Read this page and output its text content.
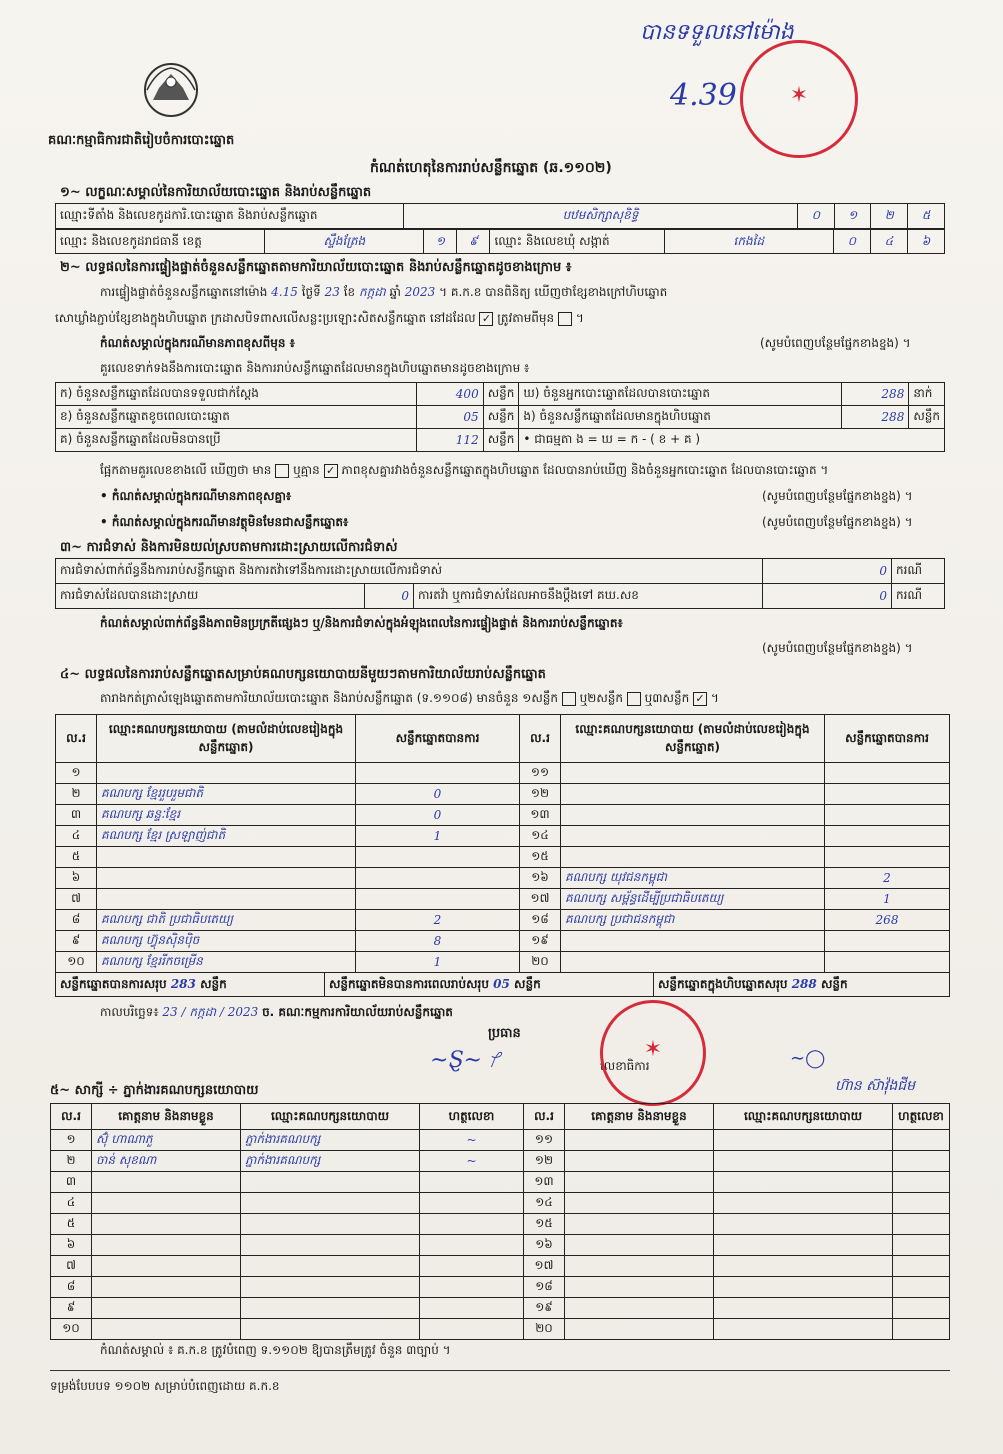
គណៈកម្មាធិការជាតិរៀបចំការបោះឆ្នោត
បានទទួលនៅម៉ោង
4.39	✶
កំណត់ហេតុនៃការរាប់សន្លឹកឆ្នោត (ឆ.១១០២)
១~ លក្ខណៈសម្គាល់នៃការិយាល័យបោះឆ្នោត និងរាប់សន្លឹកឆ្នោត
ឈ្មោះទីតាំង និងលេខកូដការិ.បោះឆ្នោត និងរាប់សន្លឹកឆ្នោត	បឋមសិក្សាសុខិទ្ធិ	០	១	២	៥
ឈ្មោះ និងលេខកូដរាជធានី ខេត្ត	ស្ទឹងត្រែង	១	៩	ឈ្មោះ និងលេខឃុំ សង្កាត់	កេងដៃ	០	៤	៦
២~ លទ្ធផលនៃការផ្ទៀងផ្ទាត់ចំនួនសន្លឹកឆ្នោតតាមការិយាល័យបោះឆ្នោត និងរាប់សន្លឹកឆ្នោតដូចខាងក្រោម ៖
ការផ្ទៀងផ្ទាត់ចំនួនសន្លឹកឆ្នោតនៅម៉ោង 4.15 ថ្ងៃទី 23 ខែ កក្កដា ឆ្នាំ 2023 ។ គ.ក.ខ បានពិនិត្យ ឃើញថាខ្សែខាងក្រៅហិបឆ្នោត
សោឃ្លាំងភ្ជាប់ខ្សែខាងក្នុងហិបឆ្នោត ក្រដាសបិទពាសលើសន្លះប្រឡោះសិតសន្លឹកឆ្នោត នៅដដែល ✓ ត្រូវតាមពីមុន  ។
កំណត់សម្គាល់ក្នុងករណីមានភាពខុសពីមុន ៖	(សូមបំពេញបន្ថែមផ្នែកខាងខ្នង) ។
គួរលេខទាក់ទងនឹងការបោះឆ្នោត និងការរាប់សន្លឹកឆ្នោតដែលមានក្នុងហិបឆ្នោតមានដូចខាងក្រោម ៖
ក) ចំនួនសន្លឹកឆ្នោតដែលបានទទួលជាក់ស្តែង	400	សន្លឹក	ឃ) ចំនួនអ្នកបោះឆ្នោតដែលបានបោះឆ្នោត	288	នាក់
ខ) ចំនួនសន្លឹកឆ្នោតខូចពេលបោះឆ្នោត	05	សន្លឹក	ង) ចំនួនសន្លឹកឆ្នោតដែលមានក្នុងហិបឆ្នោត	288	សន្លឹក
គ) ចំនួនសន្លឹកឆ្នោតដែលមិនបានប្រើ	112	សន្លឹក	• ជាធម្មតា ង = ឃ = ក - ( ខ + គ )		
ផ្អែកតាមគួរលេខខាងលើ ឃើញថា មាន ឬគ្មាន ✓ ភាពខុសគ្នារវាងចំនួនសន្លឹកឆ្នោតក្នុងហិបឆ្នោត ដែលបានរាប់ឃើញ និងចំនួនអ្នកបោះឆ្នោត ដែលបានបោះឆ្នោត ។
• កំណត់សម្គាល់ក្នុងករណីមានភាពខុសគ្នា៖	(សូមបំពេញបន្ថែមផ្នែកខាងខ្នង) ។
• កំណត់សម្គាល់ក្នុងករណីមានវត្ថុមិនមែនជាសន្លឹកឆ្នោត៖	(សូមបំពេញបន្ថែមផ្នែកខាងខ្នង) ។
៣~ ការជំទាស់ និងការមិនយល់ស្របតាមការដោះស្រាយលើការជំទាស់
ការជំទាស់ពាក់ព័ន្ធនឹងការរាប់សន្លឹកឆ្នោត និងការតវ៉ាទៅនឹងការដោះស្រាយលើការជំទាស់			0	ករណី
ការជំទាស់ដែលបានដោះស្រាយ	0	ការតវ៉ា ឬការជំទាស់ដែលអាចនឹងប្តឹងទៅ គឃ.សខ	0	ករណី
កំណត់សម្គាល់ពាក់ព័ន្ធនឹងភាពមិនប្រក្រតីផ្សេងៗ ឬ/និងការជំទាស់ក្នុងអំឡុងពេលនៃការផ្ទៀងផ្ទាត់ និងការរាប់សន្លឹកឆ្នោត៖
(សូមបំពេញបន្ថែមផ្នែកខាងខ្នង) ។
៤~ លទ្ធផលនៃការរាប់សន្លឹកឆ្នោតសម្រាប់គណបក្សនយោបាយនីមួយៗតាមការិយាល័យរាប់សន្លឹកឆ្នោត
តារាងកត់ត្រាសំឡេងឆ្នោតតាមការិយាល័យបោះឆ្នោត និងរាប់សន្លឹកឆ្នោត (ទ.១១០៨) មានចំនួន ១សន្លឹក ឬ២សន្លឹក ឬ៣សន្លឹក ✓ ។
ល.រ	ឈ្មោះគណបក្សនយោបាយ (តាមលំដាប់លេខរៀងក្នុងសន្លឹកឆ្នោត)	សន្លឹកឆ្នោតបានការ	ល.រ	ឈ្មោះគណបក្សនយោបាយ (តាមលំដាប់លេខរៀងក្នុងសន្លឹកឆ្នោត)	សន្លឹកឆ្នោតបានការ
១			១១		
២	គណបក្ស ខ្មែររួបរួមជាតិ	0	១២		
៣	គណបក្ស ឆន្ទៈខ្មែរ	0	១៣		
៤	គណបក្ស ខ្មែរ ស្រឡាញ់ជាតិ	1	១៤		
៥			១៥		
៦			១៦	គណបក្ស យុវជនកម្ពុជា	2
៧			១៧	គណបក្ស សម្ព័ន្ធដើម្បីប្រជាធិបតេយ្យ	1
៨	គណបក្ស ជាតិ ប្រជាធិបតេយ្យ	2	១៨	គណបក្ស ប្រជាជនកម្ពុជា	268
៩	គណបក្ស ហ៊្វុនស៊ិនប៉ិច	8	១៩		
១០	គណបក្ស ខ្មែររីកចម្រើន	1	២០		
សន្លឹកឆ្នោតបានការសរុប 283 សន្លឹក	សន្លឹកឆ្នោតមិនបានការពេលរាប់សរុប 05 សន្លឹក	សន្លឹកឆ្នោតក្នុងហិបឆ្នោតសរុប 288 សន្លឹក
កាលបរិច្ឆេទ៖ 23 / កក្កដា / 2023 ច. គណៈកម្មការការិយាល័យរាប់សន្លឹកឆ្នោត
ប្រធាន
លេខាធិការ
~Ȿ~ ᜣ	∼◯
ហ៊ាន ស៊ាវ៉ុងជីម
✶
៥~ សាក្សី ÷ ភ្នាក់ងារគណបក្សនយោបាយ
ល.រ	គោត្តនាម និងនាមខ្លួន	ឈ្មោះគណបក្សនយោបាយ	ហត្ថលេខា	ល.រ	គោត្តនាម និងនាមខ្លួន	ឈ្មោះគណបក្សនយោបាយ	ហត្ថលេខា
១	ស៊ុំ ហាណាភួ	ភ្នាក់ងារគណបក្ស	~	១១			
២	ចាន់ សុខណា	ភ្នាក់ងារគណបក្ស	~	១២			
៣				១៣			
៤				១៤			
៥				១៥			
៦				១៦			
៧				១៧			
៨				១៨			
៩				១៩			
១០				២០			
កំណត់សម្គាល់ ៖ គ.ក.ខ ត្រូវបំពេញ ទ.១១០២ ឱ្យបានត្រឹមត្រូវ ចំនួន ៣ច្បាប់ ។
ទម្រង់បែបបទ ១១០២ សម្រាប់បំពេញដោយ គ.ក.ខ
